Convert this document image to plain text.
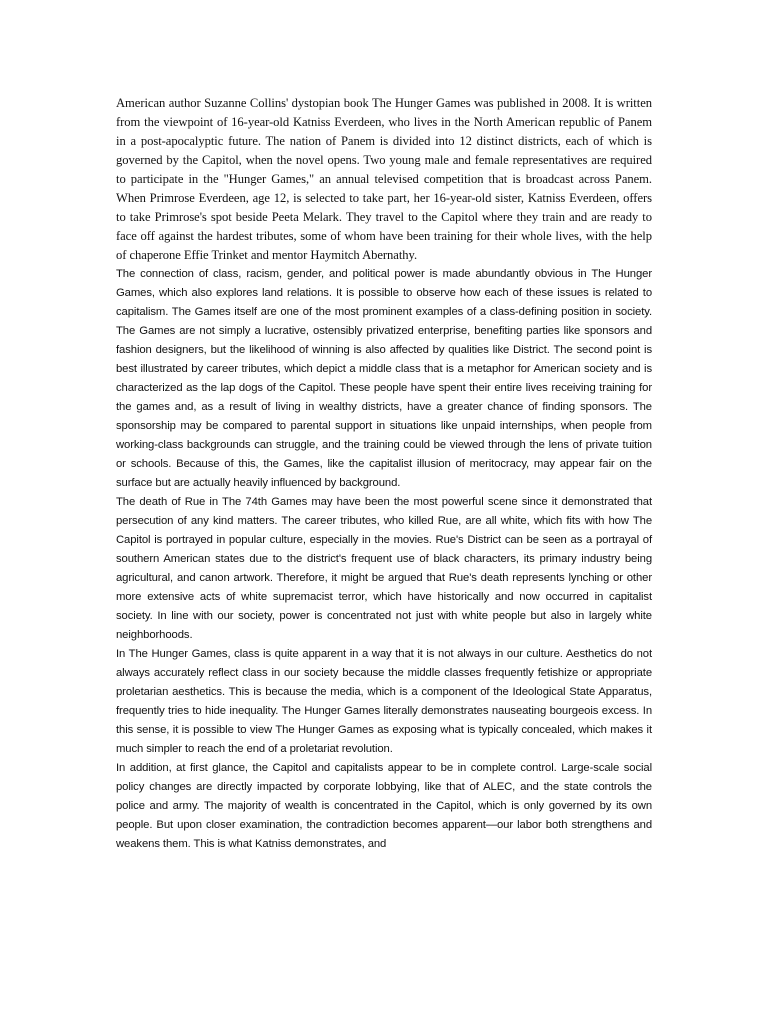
American author Suzanne Collins' dystopian book The Hunger Games was published in 2008. It is written from the viewpoint of 16-year-old Katniss Everdeen, who lives in the North American republic of Panem in a post-apocalyptic future. The nation of Panem is divided into 12 distinct districts, each of which is governed by the Capitol, when the novel opens. Two young male and female representatives are required to participate in the "Hunger Games," an annual televised competition that is broadcast across Panem. When Primrose Everdeen, age 12, is selected to take part, her 16-year-old sister, Katniss Everdeen, offers to take Primrose's spot beside Peeta Melark. They travel to the Capitol where they train and are ready to face off against the hardest tributes, some of whom have been training for their whole lives, with the help of chaperone Effie Trinket and mentor Haymitch Abernathy.

The connection of class, racism, gender, and political power is made abundantly obvious in The Hunger Games, which also explores land relations. It is possible to observe how each of these issues is related to capitalism. The Games itself are one of the most prominent examples of a class-defining position in society. The Games are not simply a lucrative, ostensibly privatized enterprise, benefiting parties like sponsors and fashion designers, but the likelihood of winning is also affected by qualities like District. The second point is best illustrated by career tributes, which depict a middle class that is a metaphor for American society and is characterized as the lap dogs of the Capitol. These people have spent their entire lives receiving training for the games and, as a result of living in wealthy districts, have a greater chance of finding sponsors. The sponsorship may be compared to parental support in situations like unpaid internships, when people from working-class backgrounds can struggle, and the training could be viewed through the lens of private tuition or schools. Because of this, the Games, like the capitalist illusion of meritocracy, may appear fair on the surface but are actually heavily influenced by background.

The death of Rue in The 74th Games may have been the most powerful scene since it demonstrated that persecution of any kind matters. The career tributes, who killed Rue, are all white, which fits with how The Capitol is portrayed in popular culture, especially in the movies. Rue's District can be seen as a portrayal of southern American states due to the district's frequent use of black characters, its primary industry being agricultural, and canon artwork. Therefore, it might be argued that Rue's death represents lynching or other more extensive acts of white supremacist terror, which have historically and now occurred in capitalist society. In line with our society, power is concentrated not just with white people but also in largely white neighborhoods.

In The Hunger Games, class is quite apparent in a way that it is not always in our culture. Aesthetics do not always accurately reflect class in our society because the middle classes frequently fetishize or appropriate proletarian aesthetics. This is because the media, which is a component of the Ideological State Apparatus, frequently tries to hide inequality. The Hunger Games literally demonstrates nauseating bourgeois excess. In this sense, it is possible to view The Hunger Games as exposing what is typically concealed, which makes it much simpler to reach the end of a proletariat revolution.

In addition, at first glance, the Capitol and capitalists appear to be in complete control. Large-scale social policy changes are directly impacted by corporate lobbying, like that of ALEC, and the state controls the police and army. The majority of wealth is concentrated in the Capitol, which is only governed by its own people. But upon closer examination, the contradiction becomes apparent—our labor both strengthens and weakens them. This is what Katniss demonstrates, and
